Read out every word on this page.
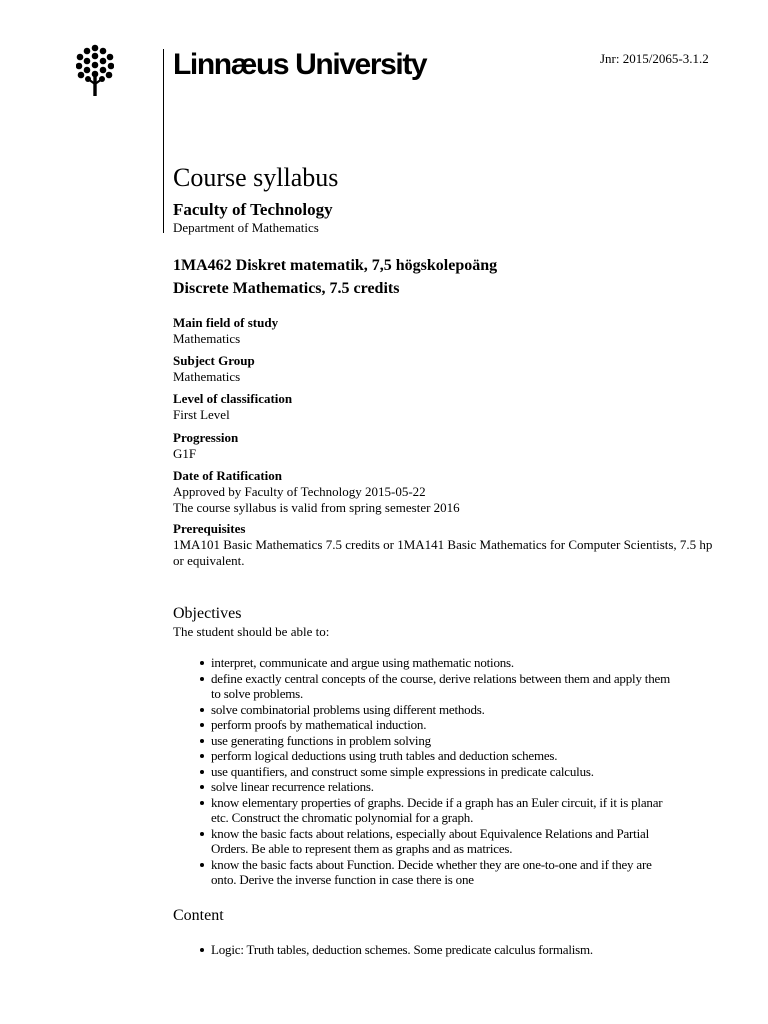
Linnæus University	Jnr: 2015/2065-3.1.2
Course syllabus
Faculty of Technology
Department of Mathematics
1MA462 Diskret matematik, 7,5 högskolepoäng
Discrete Mathematics, 7.5 credits
Main field of study
Mathematics
Subject Group
Mathematics
Level of classification
First Level
Progression
G1F
Date of Ratification
Approved by Faculty of Technology 2015-05-22
The course syllabus is valid from spring semester 2016
Prerequisites
1MA101 Basic Mathematics 7.5 credits or 1MA141 Basic Mathematics for Computer Scientists, 7.5 hp or equivalent.
Objectives
The student should be able to:
interpret, communicate and argue using mathematic notions.
define exactly central concepts of the course, derive relations between them and apply them to solve problems.
solve combinatorial problems using different methods.
perform proofs by mathematical induction.
use generating functions in problem solving
perform logical deductions using truth tables and deduction schemes.
use quantifiers, and construct some simple expressions in predicate calculus.
solve linear recurrence relations.
know elementary properties of graphs. Decide if a graph has an Euler circuit, if it is planar etc. Construct the chromatic polynomial for a graph.
know the basic facts about relations, especially about Equivalence Relations and Partial Orders. Be able to represent them as graphs and as matrices.
know the basic facts about Function. Decide whether they are one-to-one and if they are onto. Derive the inverse function in case there is one
Content
Logic: Truth tables, deduction schemes. Some predicate calculus formalism.
